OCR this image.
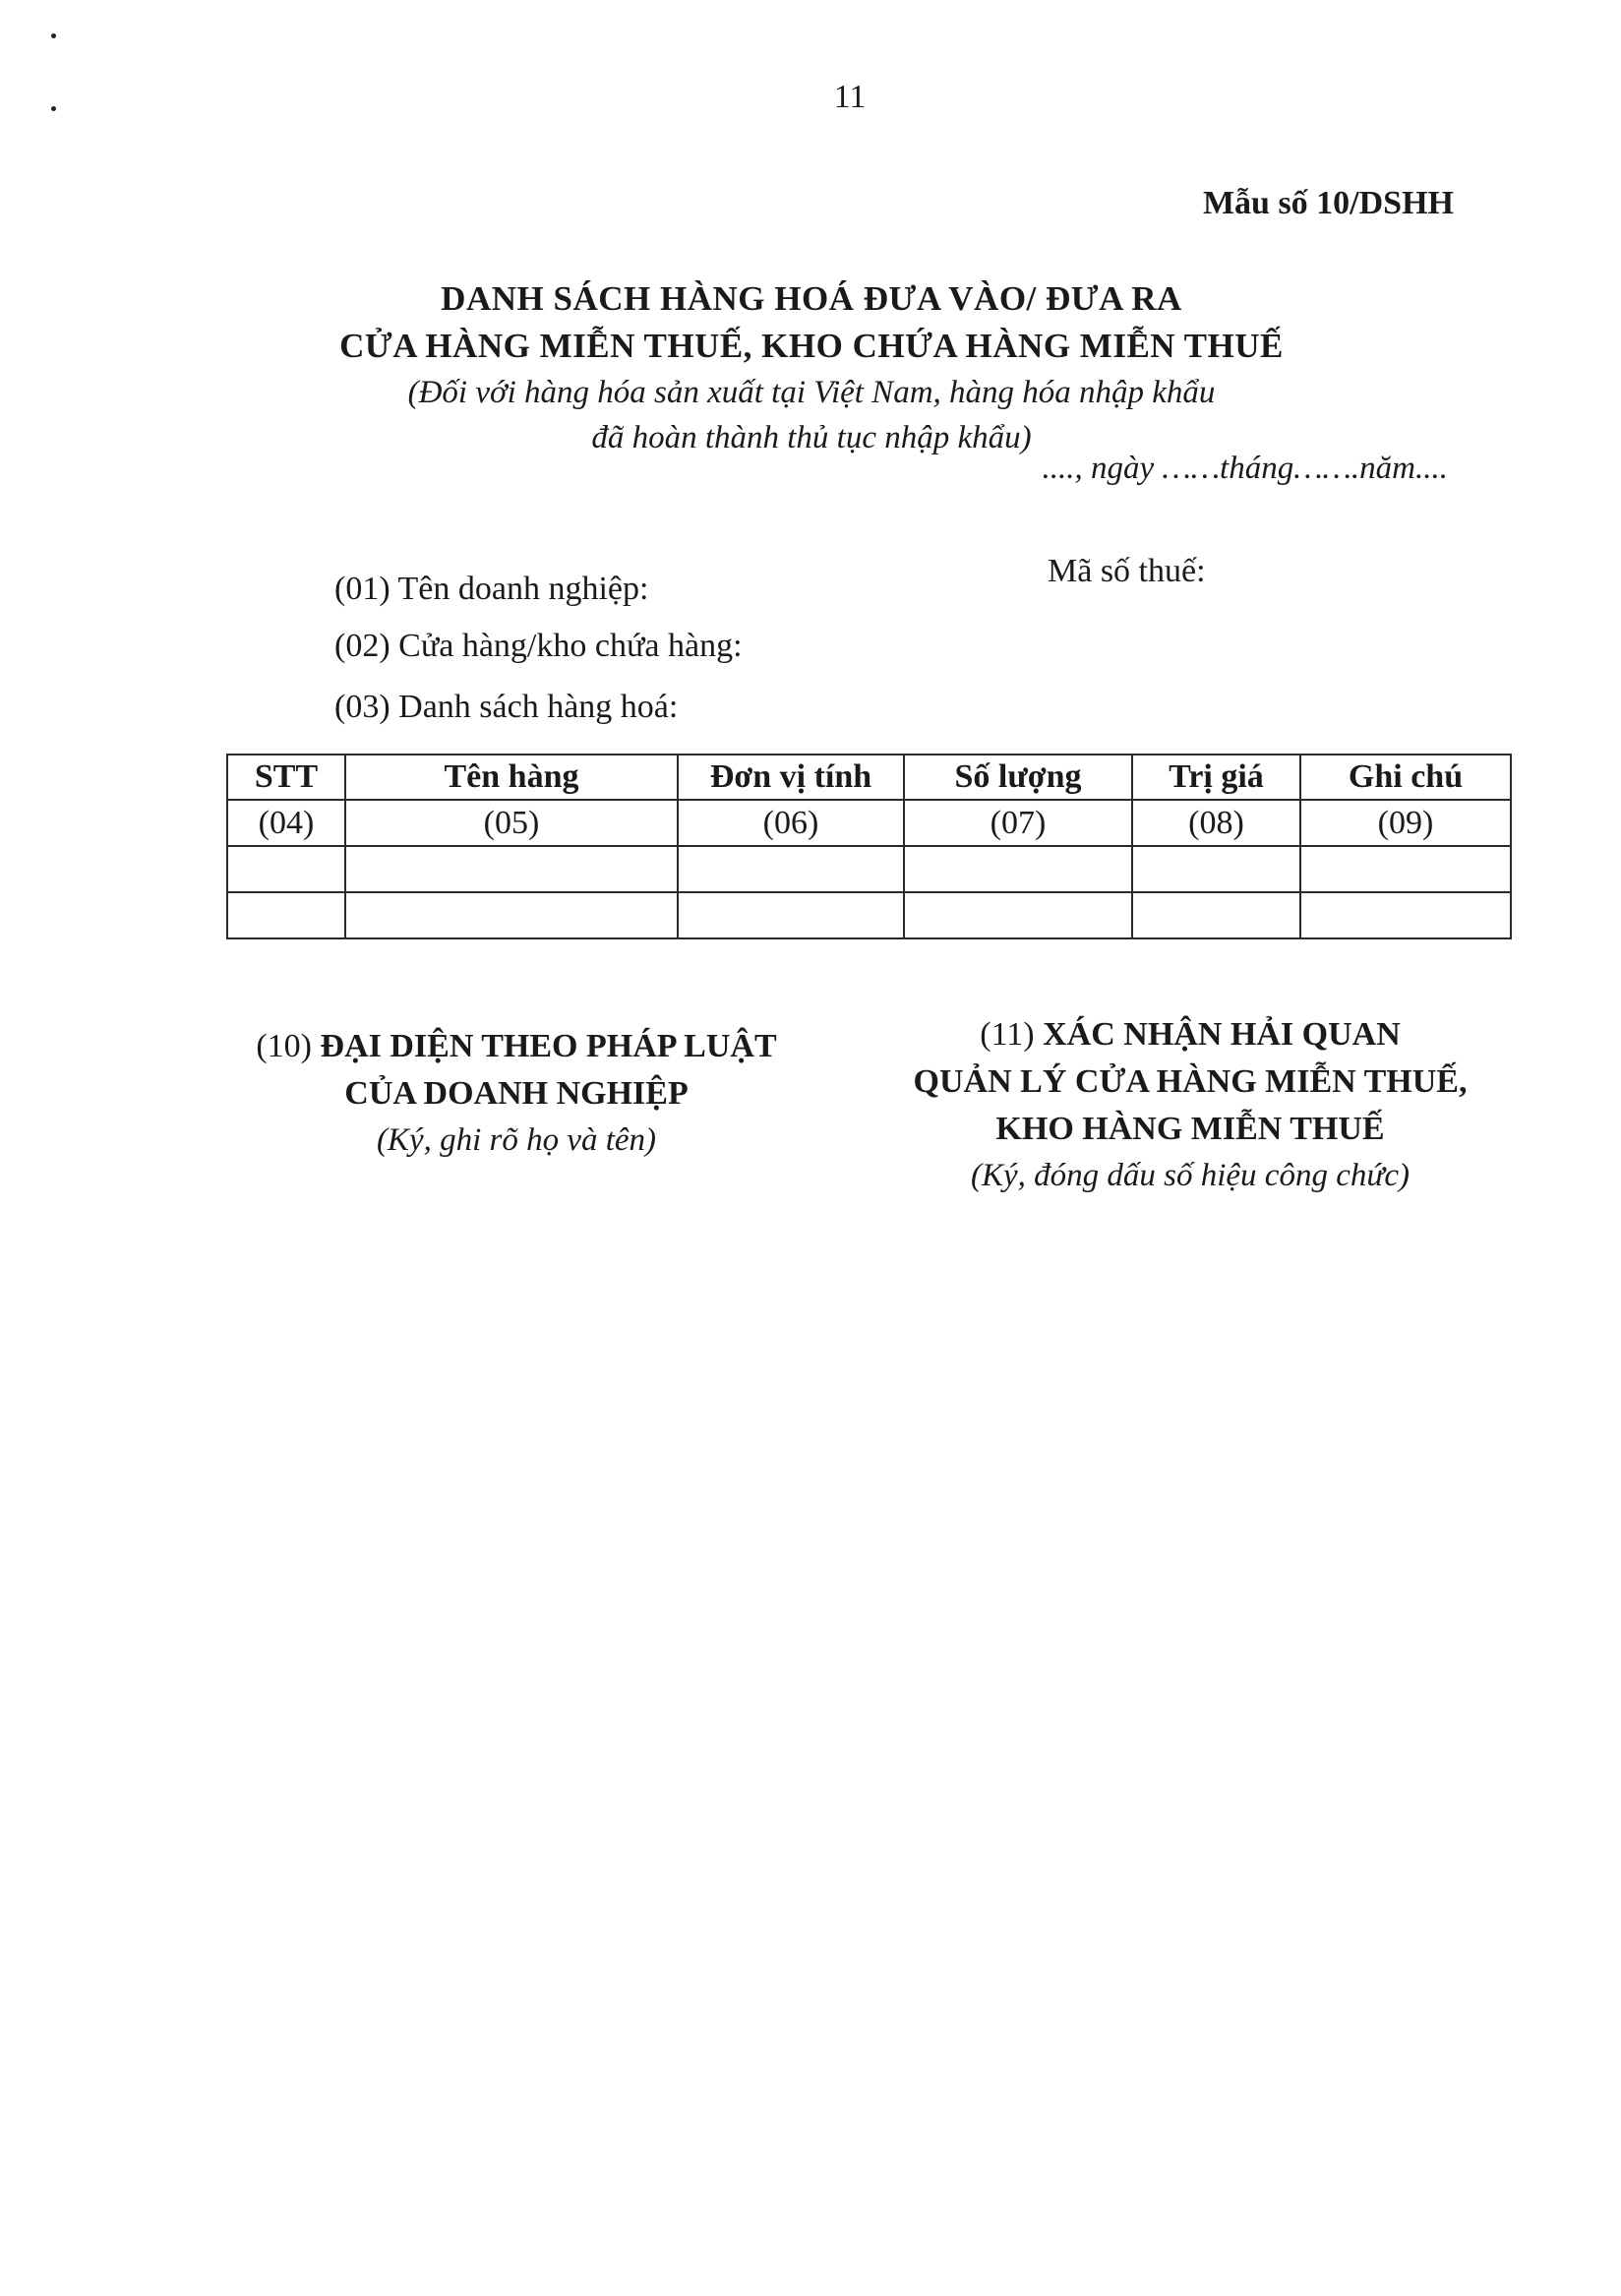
11
Mẫu số 10/DSHH
DANH SÁCH HÀNG HOÁ ĐƯA VÀO/ ĐƯA RA
CỬA HÀNG MIỄN THUẾ, KHO CHỨA HÀNG MIỄN THUẾ
(Đối với hàng hóa sản xuất tại Việt Nam, hàng hóa nhập khẩu
đã hoàn thành thủ tục nhập khẩu)
...., ngày ……tháng…….năm....
(01) Tên doanh nghiệp:	Mã số thuế:
(02) Cửa hàng/kho chứa hàng:
(03) Danh sách hàng hoá:
STT	Tên hàng	Đơn vị tính	Số lượng	Trị giá	Ghi chú
(04)	(05)	(06)	(07)	(08)	(09)

(10) ĐẠI DIỆN THEO PHÁP LUẬT
CỦA DOANH NGHIỆP
(Ký, ghi rõ họ và tên)
(11) XÁC NHẬN HẢI QUAN
QUẢN LÝ CỬA HÀNG MIỄN THUẾ,
KHO HÀNG MIỄN THUẾ
(Ký, đóng dấu số hiệu công chức)
